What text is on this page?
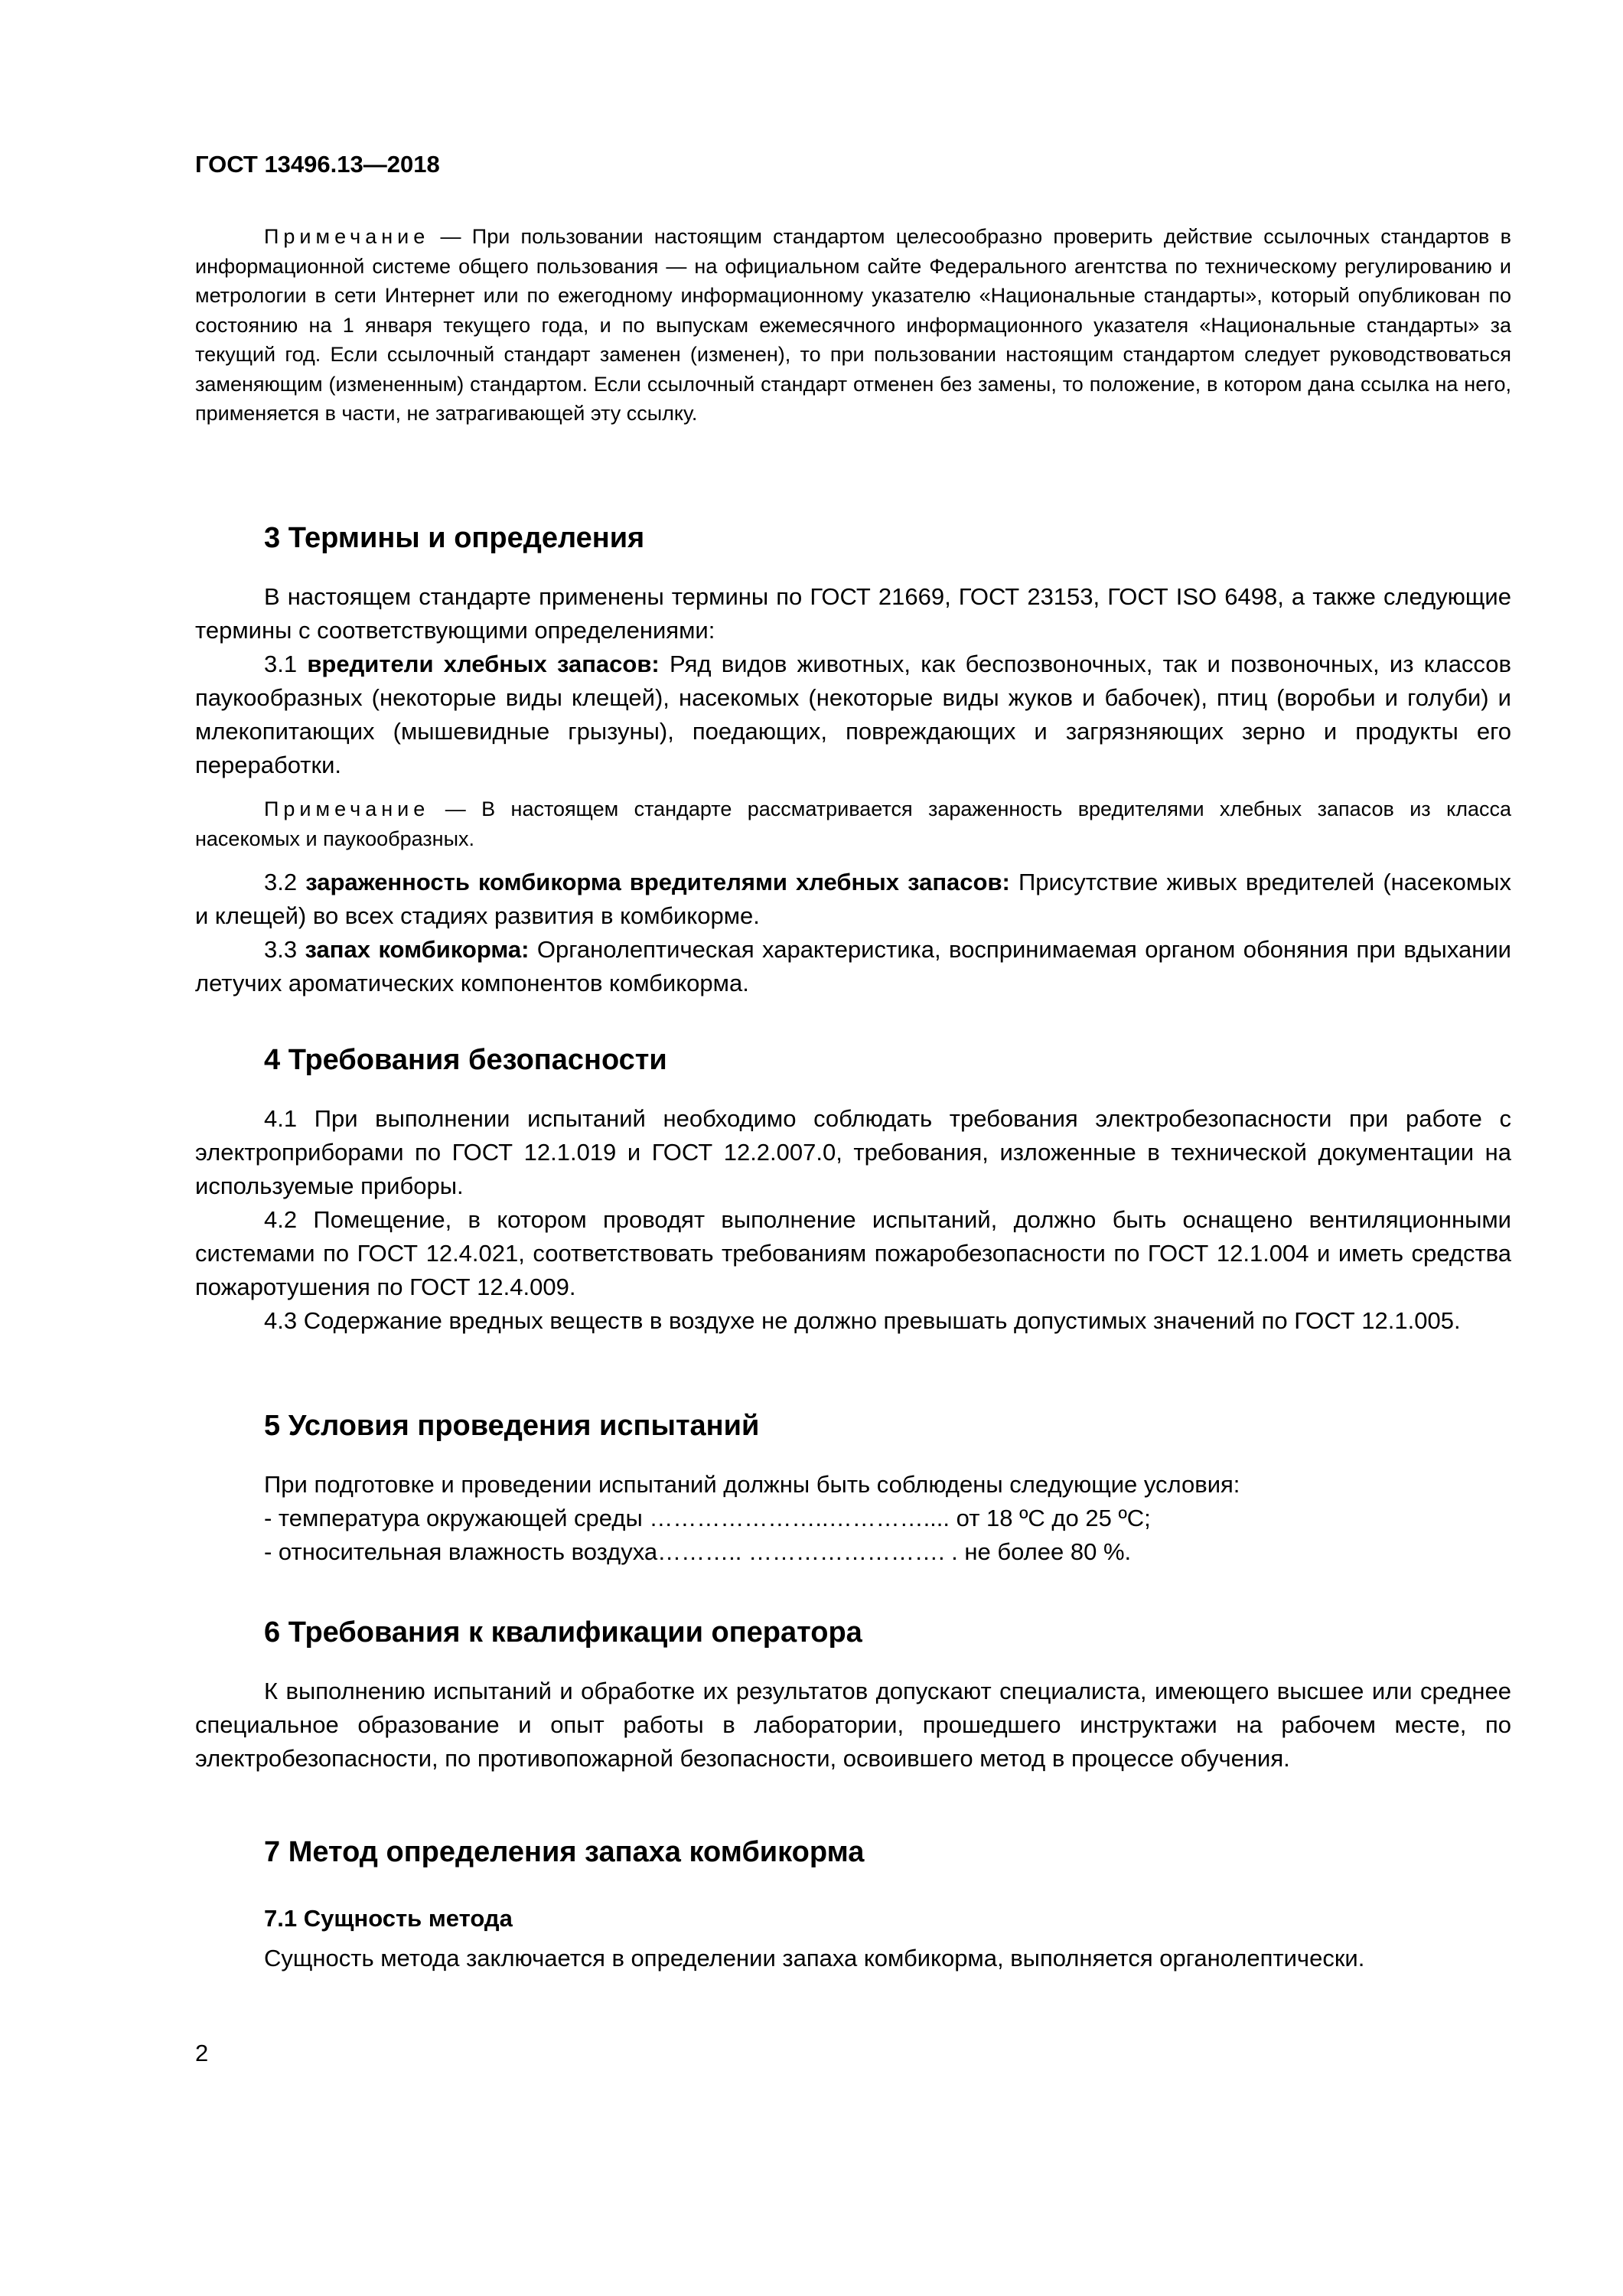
ГОСТ 13496.13—2018

Примечание — При пользовании настоящим стандартом целесообразно проверить действие ссылочных стандартов в информационной системе общего пользования — на официальном сайте Федерального агентства по техническому регулированию и метрологии в сети Интернет или по ежегодному информационному указателю «Национальные стандарты», который опубликован по состоянию на 1 января текущего года, и по выпускам ежемесячного информационного указателя «Национальные стандарты» за текущий год. Если ссылочный стандарт заменен (изменен), то при пользовании настоящим стандартом следует руководствоваться заменяющим (измененным) стандартом. Если ссылочный стандарт отменен без замены, то положение, в котором дана ссылка на него, применяется в части, не затрагивающей эту ссылку.

3 Термины и определения

В настоящем стандарте применены термины по ГОСТ 21669, ГОСТ 23153, ГОСТ ISO 6498, а также следующие термины с соответствующими определениями:

3.1 вредители хлебных запасов: Ряд видов животных, как беспозвоночных, так и позвоночных, из классов паукообразных (некоторые виды клещей), насекомых (некоторые виды жуков и бабочек), птиц (воробьи и голуби) и млекопитающих (мышевидные грызуны), поедающих, повреждающих и загрязняющих зерно и продукты его переработки.

Примечание — В настоящем стандарте рассматривается зараженность вредителями хлебных запасов из класса насекомых и паукообразных.

3.2 зараженность комбикорма вредителями хлебных запасов: Присутствие живых вредителей (насекомых и клещей) во всех стадиях развития в комбикорме.

3.3 запах комбикорма: Органолептическая характеристика, воспринимаемая органом обоняния при вдыхании летучих ароматических компонентов комбикорма.

4 Требования безопасности

4.1 При выполнении испытаний необходимо соблюдать требования электробезопасности при работе с электроприборами по ГОСТ 12.1.019 и ГОСТ 12.2.007.0, требования, изложенные в технической документации на используемые приборы.

4.2 Помещение, в котором проводят выполнение испытаний, должно быть оснащено вентиляционными системами по ГОСТ 12.4.021, соответствовать требованиям пожаробезопасности по ГОСТ 12.1.004 и иметь средства пожаротушения по ГОСТ 12.4.009.

4.3 Содержание вредных веществ в воздухе не должно превышать допустимых значений по ГОСТ 12.1.005.

5 Условия проведения испытаний

При подготовке и проведении испытаний должны быть соблюдены следующие условия:

- температура окружающей среды …………………..………….... от 18 ºС до 25 ºС;

- относительная влажность воздуха……….. ……………………. . не более 80 %.

6 Требования к квалификации оператора

К выполнению испытаний и обработке их результатов допускают специалиста, имеющего высшее или среднее специальное образование и опыт работы в лаборатории, прошедшего инструктажи на рабочем месте, по электробезопасности, по противопожарной безопасности, освоившего метод в процессе обучения.

7 Метод определения запаха комбикорма
7.1 Сущность метода

Сущность метода заключается в определении запаха комбикорма, выполняется органолептически.

2
